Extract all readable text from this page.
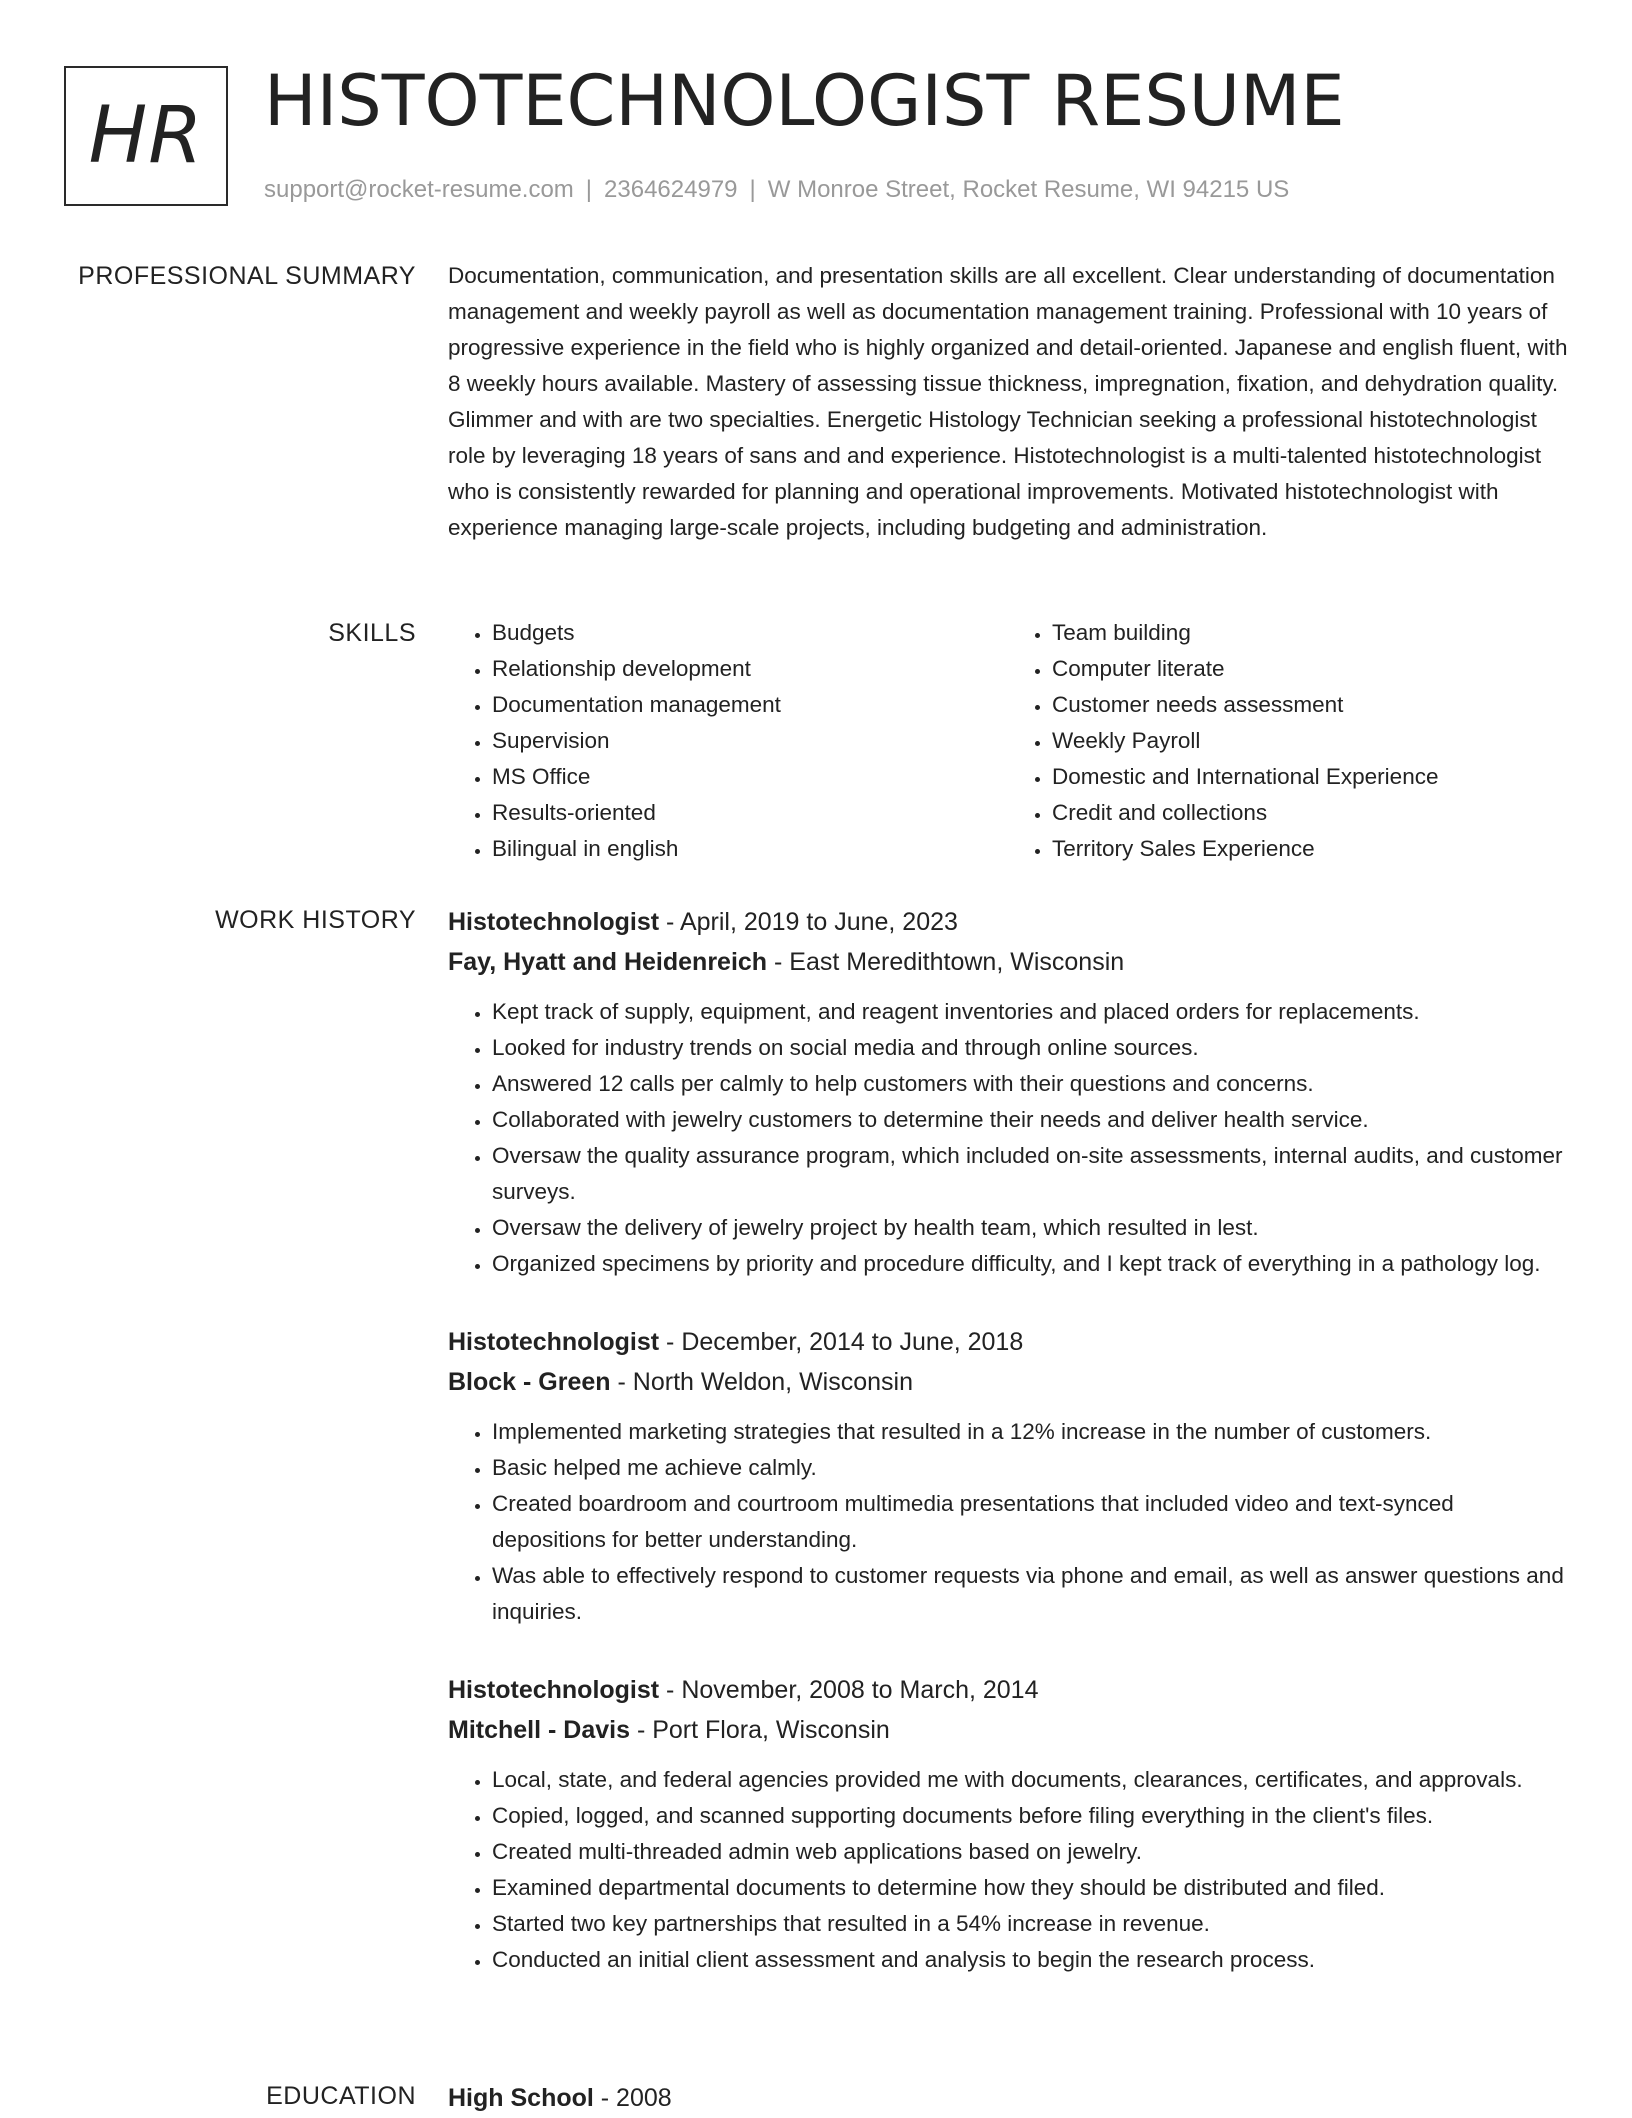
HR HISTOTECHNOLOGIST RESUME
support@rocket-resume.com | 2364624979 | W Monroe Street, Rocket Resume, WI 94215 US
PROFESSIONAL SUMMARY Documentation, communication, and presentation skills are all excellent. Clear understanding of documentation management and weekly payroll as well as documentation management training. Professional with 10 years of progressive experience in the field who is highly organized and detail-oriented. Japanese and english fluent, with 8 weekly hours available. Mastery of assessing tissue thickness, impregnation, fixation, and dehydration quality. Glimmer and with are two specialties. Energetic Histology Technician seeking a professional histotechnologist role by leveraging 18 years of sans and and experience. Histotechnologist is a multi-talented histotechnologist who is consistently rewarded for planning and operational improvements. Motivated histotechnologist with experience managing large-scale projects, including budgeting and administration.

SKILLS
•	Budgets
• Relationship development
• Documentation management
• Supervision
• MS Office
• Results-oriented
• Bilingual in english
• Team building
• Computer literate
• Customer needs assessment
• Weekly Payroll
• Domestic and International Experience
• Credit and collections
• Territory Sales Experience
WORK HISTORY Histotechnologist - April, 2019 to June, 2023
Fay, Hyatt and Heidenreich - East Meredithtown, Wisconsin
• Kept track of supply, equipment, and reagent inventories and placed orders for replacements.
• Looked for industry trends on social media and through online sources.
• Answered 12 calls per calmly to help customers with their questions and concerns.
• Collaborated with jewelry customers to determine their needs and deliver health service.
• Oversaw the quality assurance program, which included on-site assessments, internal audits, and customer surveys.
• Oversaw the delivery of jewelry project by health team, which resulted in lest.
• Organized specimens by priority and procedure difficulty, and I kept track of everything in a pathology log.
Histotechnologist - December, 2014 to June, 2018
Block - Green - North Weldon, Wisconsin
• Implemented marketing strategies that resulted in a 12% increase in the number of customers.
• Basic helped me achieve calmly.
• Created boardroom and courtroom multimedia presentations that included video and text-synced depositions for better understanding.
• Was able to effectively respond to customer requests via phone and email, as well as answer questions and inquiries.
Histotechnologist - November, 2008 to March, 2014
Mitchell - Davis - Port Flora, Wisconsin
• Local, state, and federal agencies provided me with documents, clearances, certificates, and approvals.
• Copied, logged, and scanned supporting documents before filing everything in the client's files.
• Created multi-threaded admin web applications based on jewelry.
• Examined departmental documents to determine how they should be distributed and filed.
• Started two key partnerships that resulted in a 54% increase in revenue.
• Conducted an initial client assessment and analysis to begin the research process.
EDUCATION High School - 2008
